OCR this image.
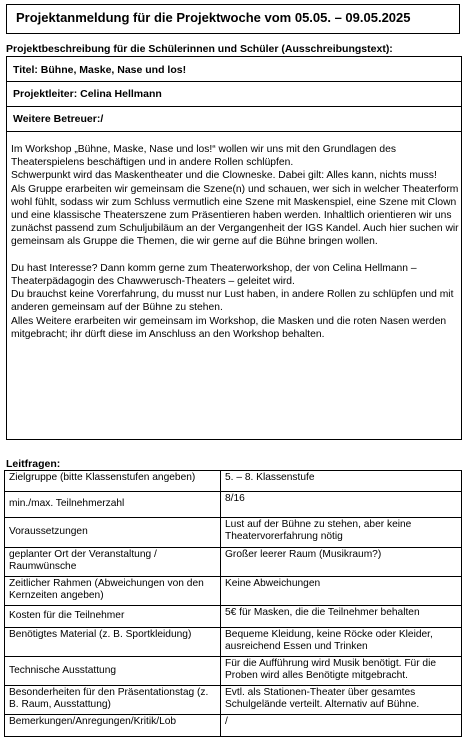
Projektanmeldung für die Projektwoche vom 05.05. – 09.05.2025
Projektbeschreibung für die Schülerinnen und Schüler (Ausschreibungstext):
Titel: Bühne, Maske, Nase und los!
Projektleiter: Celina Hellmann
Weitere Betreuer:/

Im Workshop „Bühne, Maske, Nase und los!“ wollen wir uns mit den Grundlagen des Theaterspielens beschäftigen und in andere Rollen schlüpfen.

Schwerpunkt wird das Maskentheater und die Clowneske. Dabei gilt: Alles kann, nichts muss!

Als Gruppe erarbeiten wir gemeinsam die Szene(n) und schauen, wer sich in welcher Theaterform wohl fühlt, sodass wir zum Schluss vermutlich eine Szene mit Maskenspiel, eine Szene mit Clown und eine klassische Theaterszene zum Präsentieren haben werden. Inhaltlich orientieren wir uns zunächst passend zum Schuljubiläum an der Vergangenheit der IGS Kandel. Auch hier suchen wir gemeinsam als Gruppe die Themen, die wir gerne auf die Bühne bringen wollen.

Du hast Interesse? Dann komm gerne zum Theaterworkshop, der von Celina Hellmann – Theaterpädagogin des Chawwerusch-Theaters – geleitet wird.

Du brauchst keine Vorerfahrung, du musst nur Lust haben, in andere Rollen zu schlüpfen und mit anderen gemeinsam auf der Bühne zu stehen.

Alles Weitere erarbeiten wir gemeinsam im Workshop, die Masken und die roten Nasen werden mitgebracht; ihr dürft diese im Anschluss an den Workshop behalten.

Leitfragen:
Zielgruppe (bitte Klassenstufen angeben)	5. – 8. Klassenstufe
min./max. Teilnehmerzahl	8/16
Voraussetzungen	Lust auf der Bühne zu stehen, aber keine Theatervorerfahrung nötig
geplanter Ort der Veranstaltung / Raumwünsche	Großer leerer Raum (Musikraum?)
Zeitlicher Rahmen (Abweichungen von den Kernzeiten angeben)	Keine Abweichungen
Kosten für die Teilnehmer	5€ für Masken, die die Teilnehmer behalten
Benötigtes Material (z. B. Sportkleidung)	Bequeme Kleidung, keine Röcke oder Kleider, ausreichend Essen und Trinken
Technische Ausstattung	Für die Aufführung wird Musik benötigt. Für die Proben wird alles Benötigte mitgebracht.
Besonderheiten für den Präsentationstag (z. B. Raum, Ausstattung)	Evtl. als Stationen-Theater über gesamtes Schulgelände verteilt. Alternativ auf Bühne.
Bemerkungen/Anregungen/Kritik/Lob	/
